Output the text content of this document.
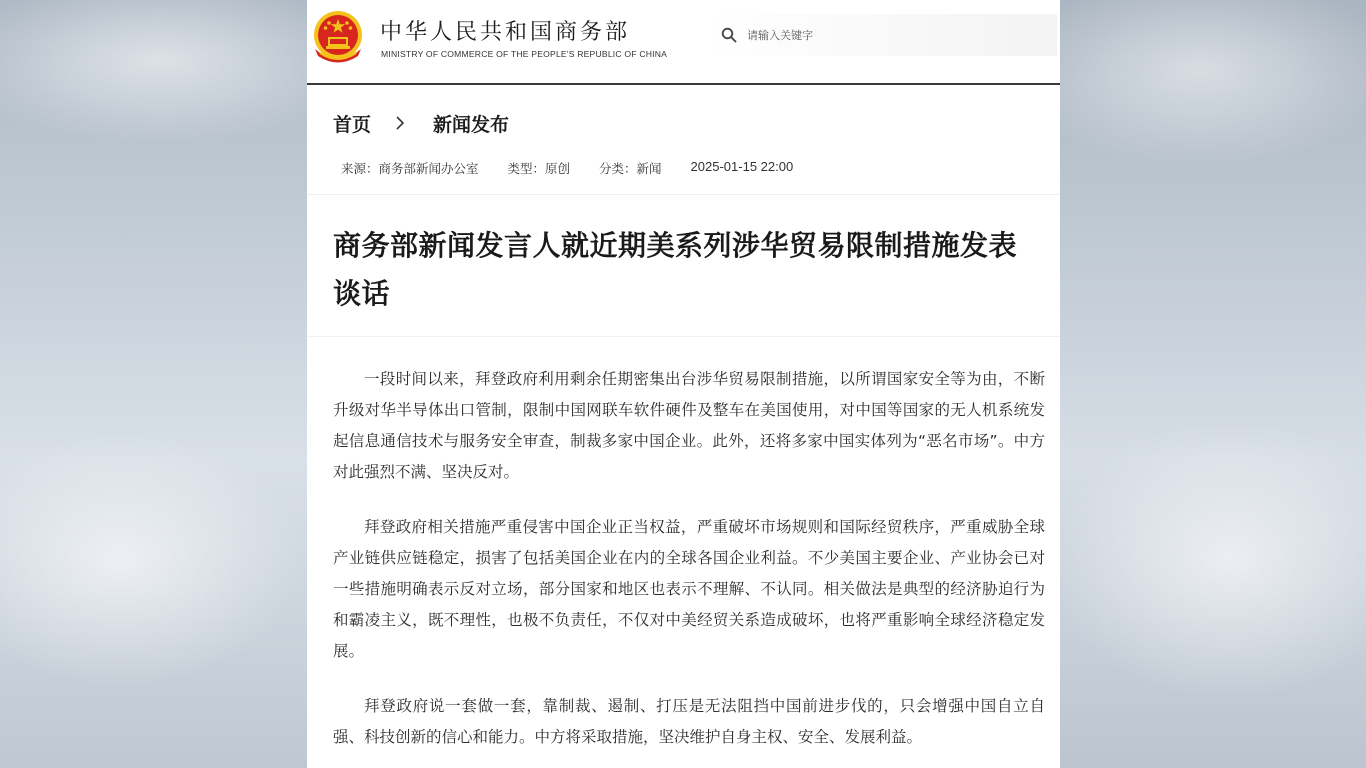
中华人民共和国商务部
MINISTRY OF COMMERCE OF THE PEOPLE'S REPUBLIC OF CHINA
请输入关键字
首页	新闻发布
来源：商务部新闻办公室 类型：原创 分类：新闻 2025-01-15 22:00
商务部新闻发言人就近期美系列涉华贸易限制措施发表谈话

一段时间以来，拜登政府利用剩余任期密集出台涉华贸易限制措施，以所谓国家安全等为由，不断升级对华半导体出口管制，限制中国网联车软件硬件及整车在美国使用，对中国等国家的无人机系统发起信息通信技术与服务安全审查，制裁多家中国企业。此外，还将多家中国实体列为“恶名市场”。中方对此强烈不满、坚决反对。

拜登政府相关措施严重侵害中国企业正当权益，严重破坏市场规则和国际经贸秩序，严重威胁全球产业链供应链稳定，损害了包括美国企业在内的全球各国企业利益。不少美国主要企业、产业协会已对一些措施明确表示反对立场，部分国家和地区也表示不理解、不认同。相关做法是典型的经济胁迫行为和霸凌主义，既不理性，也极不负责任，不仅对中美经贸关系造成破坏，也将严重影响全球经济稳定发展。

拜登政府说一套做一套，靠制裁、遏制、打压是无法阻挡中国前进步伐的，只会增强中国自立自强、科技创新的信心和能力。中方将采取措施，坚决维护自身主权、安全、发展利益。
